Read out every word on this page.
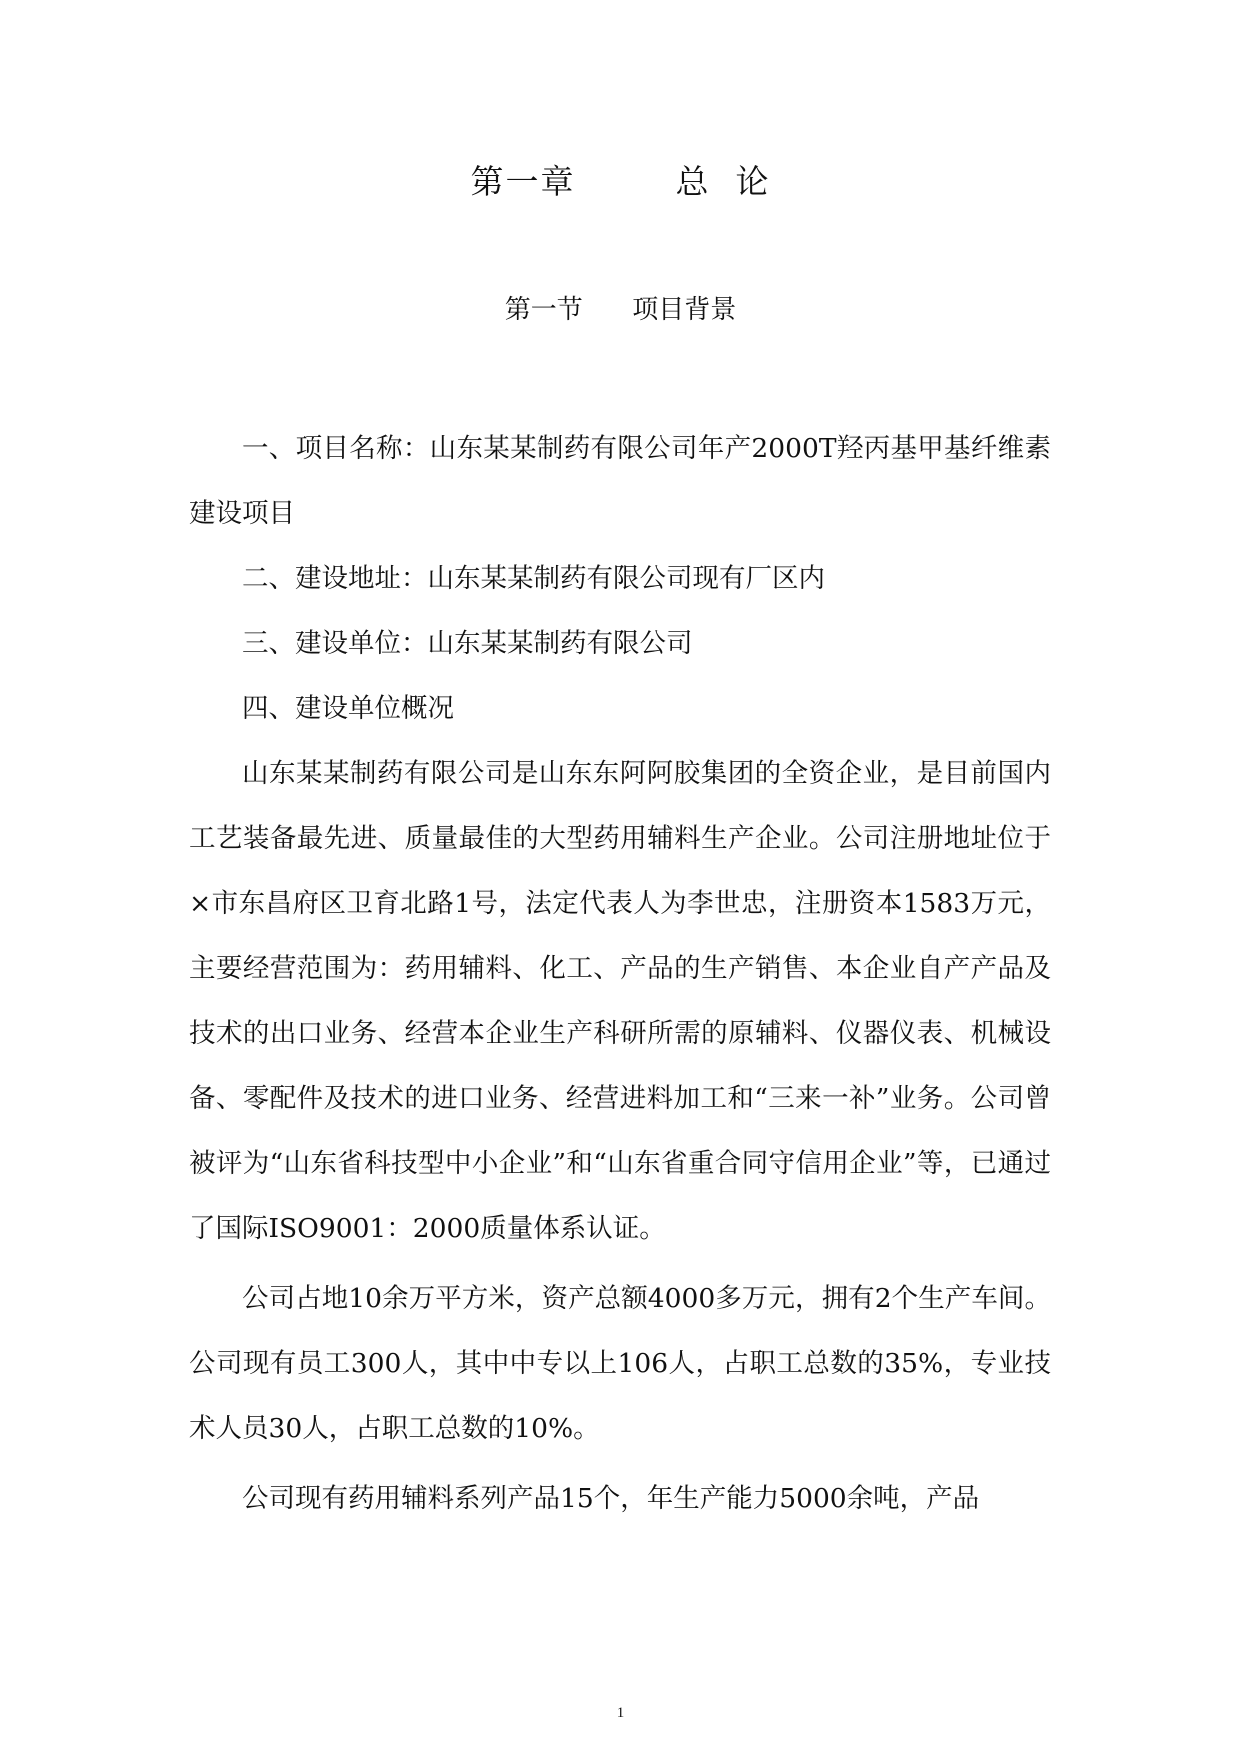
第一章        总  论
第一节      项目背景

一、项目名称：山东某某制药有限公司年产2000T羟丙基甲基纤维素建设项目

二、建设地址：山东某某制药有限公司现有厂区内

三、建设单位：山东某某制药有限公司

四、建设单位概况

山东某某制药有限公司是山东东阿阿胶集团的全资企业，是目前国内工艺装备最先进、质量最佳的大型药用辅料生产企业。公司注册地址位于×市东昌府区卫育北路1号，法定代表人为李世忠，注册资本1583万元，主要经营范围为：药用辅料、化工、产品的生产销售、本企业自产产品及技术的出口业务、经营本企业生产科研所需的原辅料、仪器仪表、机械设备、零配件及技术的进口业务、经营进料加工和“三来一补”业务。公司曾被评为“山东省科技型中小企业”和“山东省重合同守信用企业”等，已通过了国际ISO9001：2000质量体系认证。

公司占地10余万平方米，资产总额4000多万元，拥有2个生产车间。公司现有员工300人，其中中专以上106人，占职工总数的35%，专业技术人员30人，占职工总数的10%。

公司现有药用辅料系列产品15个，年生产能力5000余吨，产品

1
